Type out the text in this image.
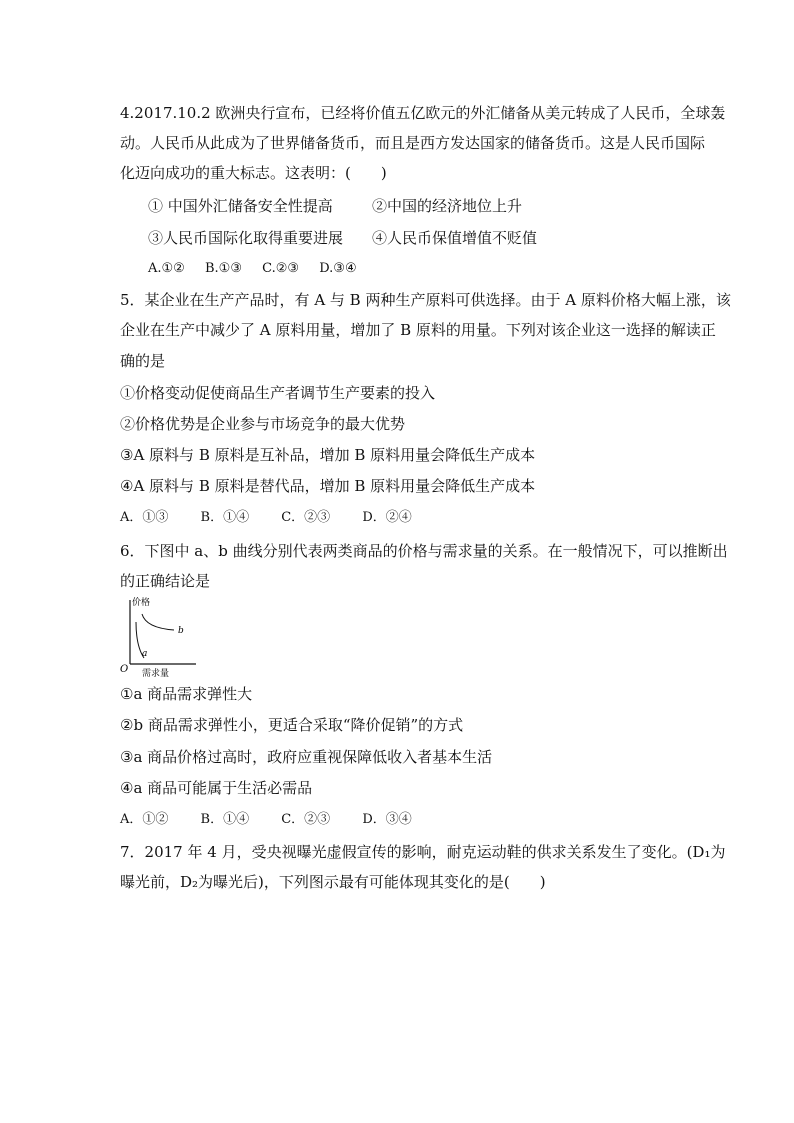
4.2017.10.2 欧洲央行宣布，已经将价值五亿欧元的外汇储备从美元转成了人民币，全球轰
动。人民币从此成为了世界储备货币，而且是西方发达国家的储备货币。这是人民币国际
化迈向成功的重大标志。这表明：(　　)
① 中国外汇储备安全性提高	②中国的经济地位上升
③人民币国际化取得重要进展 ④人民币保值增值不贬值
A.①② B.①③ C.②③ D.③④
5．某企业在生产产品时，有 A 与 B 两种生产原料可供选择。由于 A 原料价格大幅上涨，该
企业在生产中减少了 A 原料用量，增加了 B 原料的用量。下列对该企业这一选择的解读正
确的是
①价格变动促使商品生产者调节生产要素的投入
②价格优势是企业参与市场竞争的最大优势
③A 原料与 B 原料是互补品，增加 B 原料用量会降低生产成本
④A 原料与 B 原料是替代品，增加 B 原料用量会降低生产成本
A．①③ B．①④ C．②③ D．②④
6．下图中 a、b 曲线分别代表两类商品的价格与需求量的关系。在一般情况下，可以推断出
的正确结论是
价格
O 需求量
a
b
①a 商品需求弹性大
②b 商品需求弹性小，更适合采取“降价促销”的方式
③a 商品价格过高时，政府应重视保障低收入者基本生活
④a 商品可能属于生活必需品
A．①② B．①④ C．②③ D．③④
7．2017 年 4 月，受央视曝光虚假宣传的影响，耐克运动鞋的供求关系发生了变化。(D₁为
曝光前，D₂为曝光后)，下列图示最有可能体现其变化的是(　　)
